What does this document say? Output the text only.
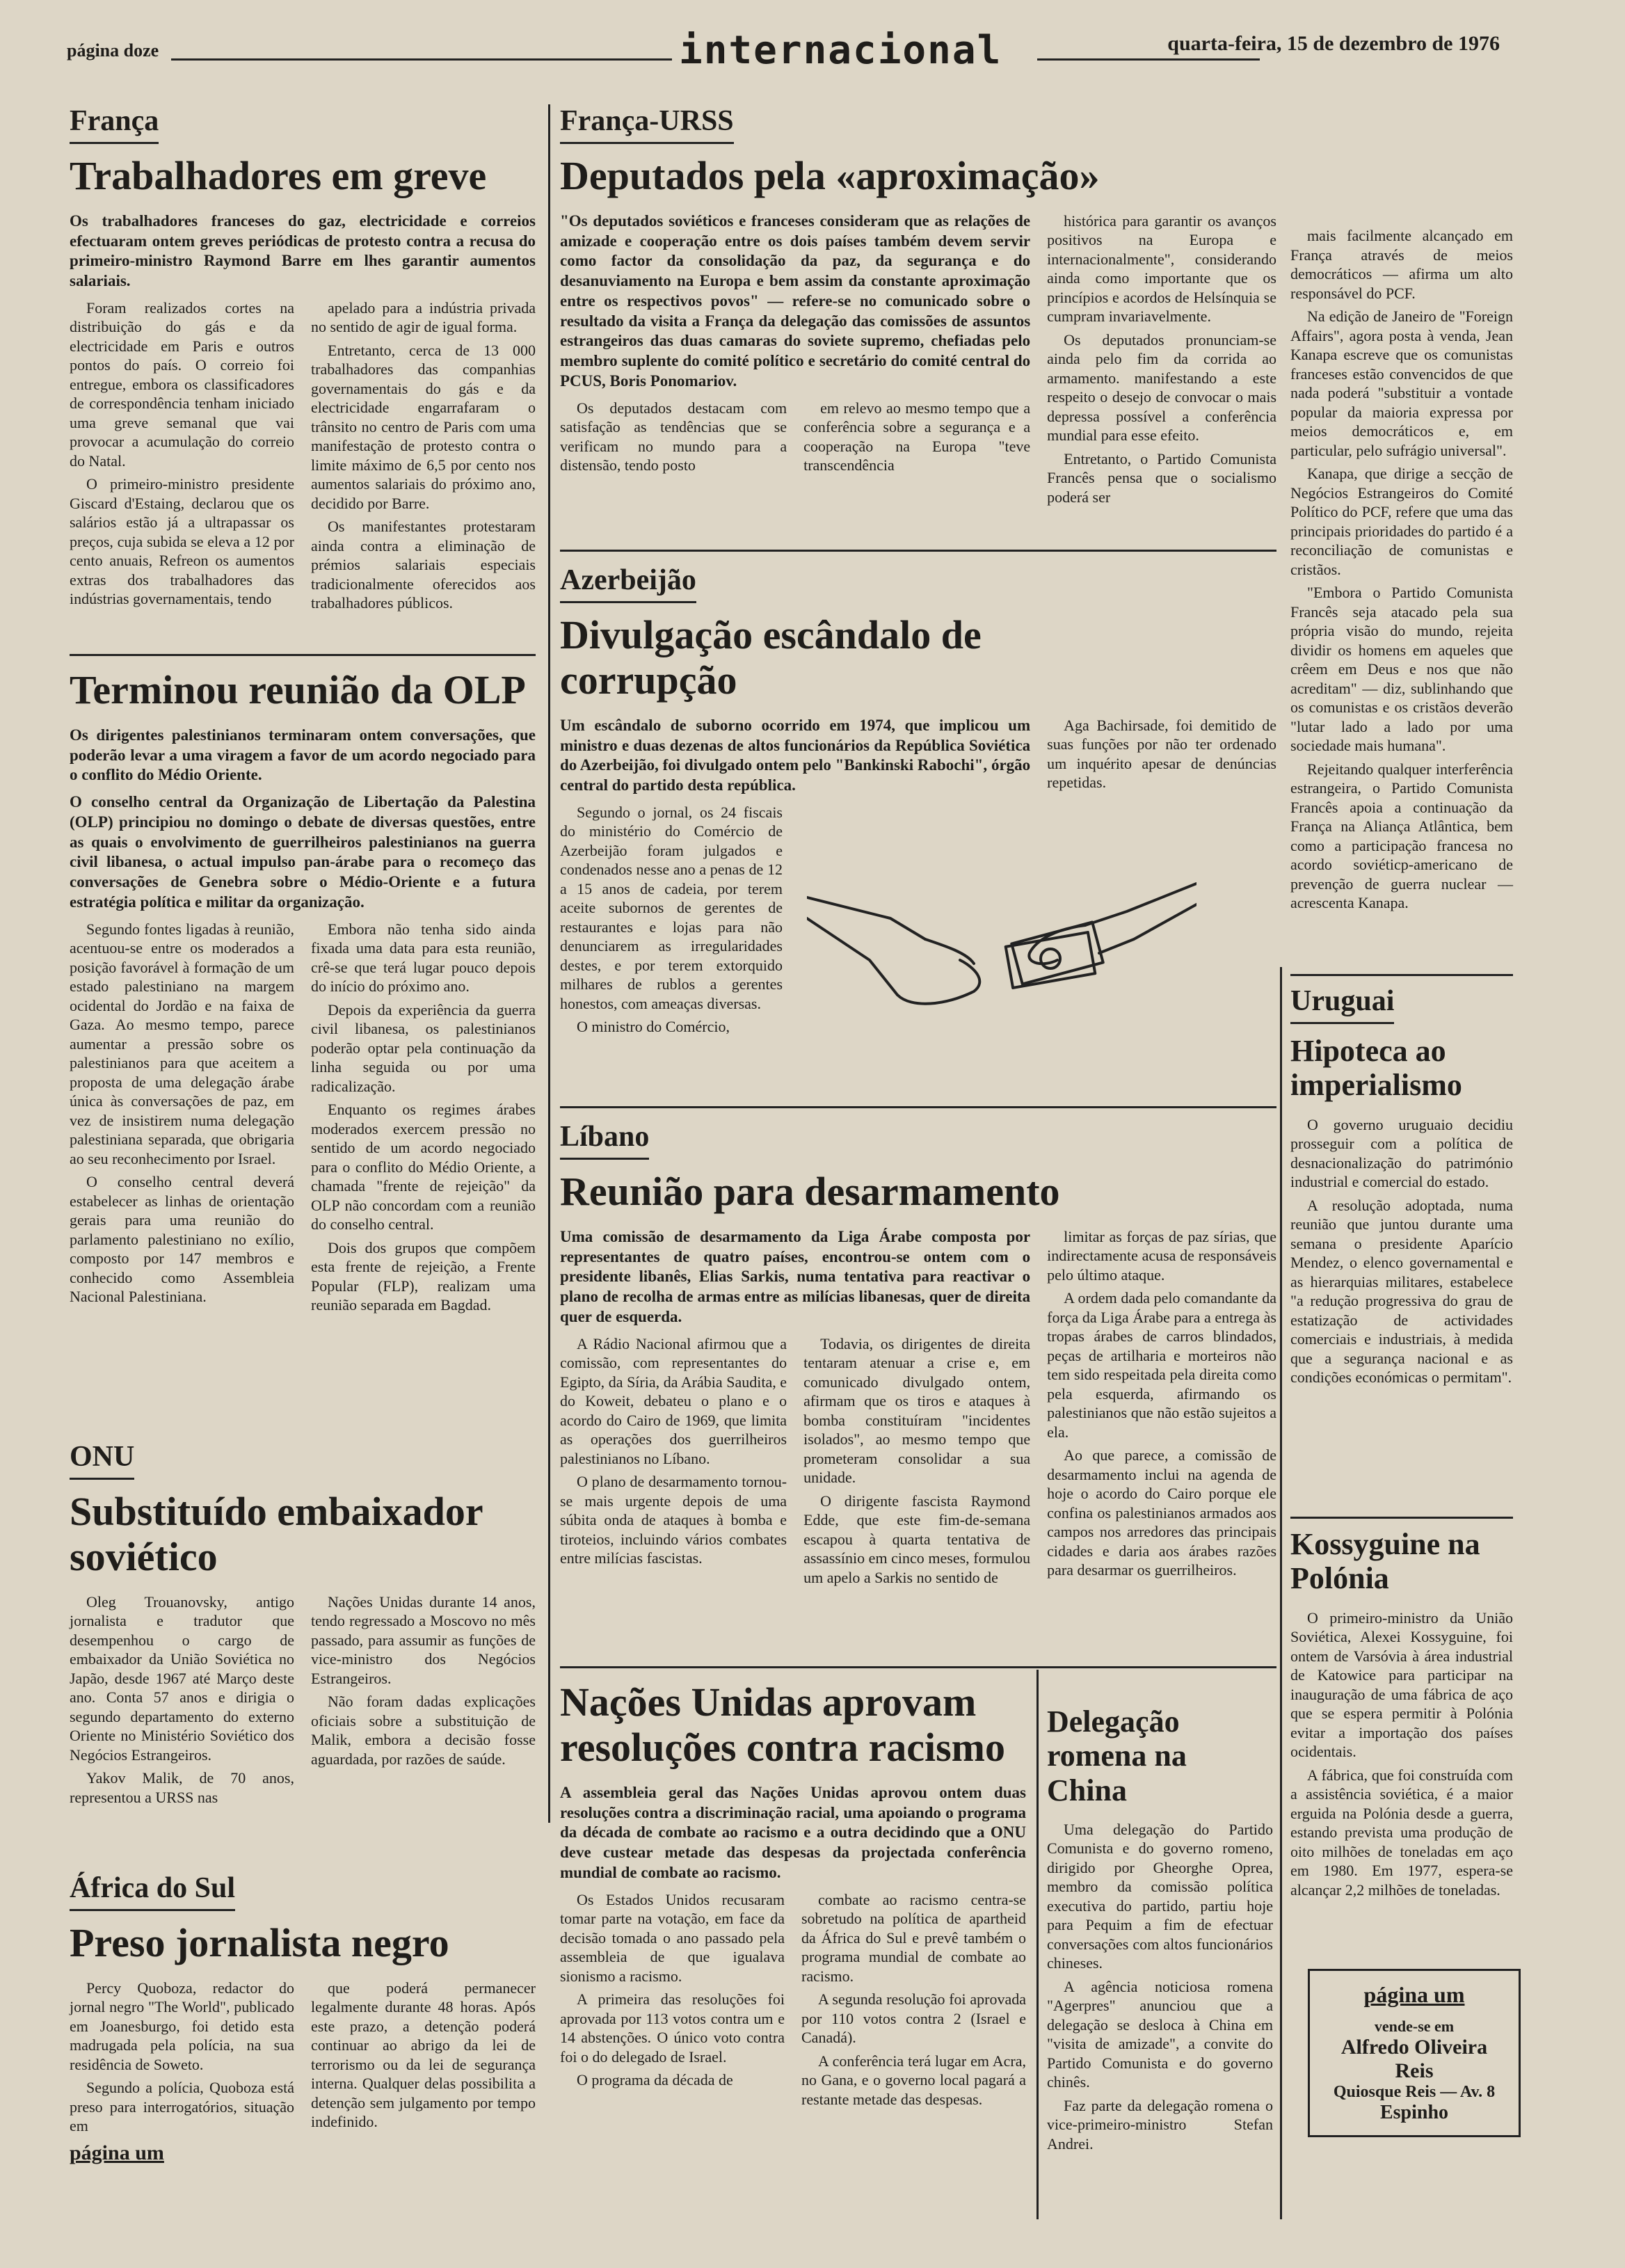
página doze	internacional	quarta-feira, 15 de dezembro de 1976
França
Trabalhadores em greve
Os trabalhadores franceses do gaz, electricidade e correios efectuaram ontem greves periódicas de protesto contra a recusa do primeiro-ministro Raymond Barre em lhes garantir aumentos salariais.

Foram realizados cortes na distribuição do gás e da electricidade em Paris e outros pontos do país. O correio foi entregue, embora os classificadores de correspondência tenham iniciado uma greve semanal que vai provocar a acumulação do correio do Natal.

O primeiro-ministro presidente Giscard d'Estaing, declarou que os salários estão já a ultrapassar os preços, cuja subida se eleva a 12 por cento anuais, Refreon os aumentos extras dos trabalhadores das indústrias governamentais, tendo

apelado para a indústria privada no sentido de agir de igual forma.

Entretanto, cerca de 13 000 trabalhadores das companhias governamentais do gás e da electricidade engarrafaram o trânsito no centro de Paris com uma manifestação de protesto contra o limite máximo de 6,5 por cento nos aumentos salariais do próximo ano, decidido por Barre.

Os manifestantes protestaram ainda contra a eliminação de prémios salariais especiais tradicionalmente oferecidos aos trabalhadores públicos.

Terminou reunião da OLP
Os dirigentes palestinianos terminaram ontem conversações, que poderão levar a uma viragem a favor de um acordo negociado para o conflito do Médio Oriente.
O conselho central da Organização de Libertação da Palestina (OLP) principiou no domingo o debate de diversas questões, entre as quais o envolvimento de guerrilheiros palestinianos na guerra civil libanesa, o actual impulso pan-árabe para o recomeço das conversações de Genebra sobre o Médio-Oriente e a futura estratégia política e militar da organização.

Segundo fontes ligadas à reunião, acentuou-se entre os moderados a posição favorável à formação de um estado palestiniano na margem ocidental do Jordão e na faixa de Gaza. Ao mesmo tempo, parece aumentar a pressão sobre os palestinianos para que aceitem a proposta de uma delegação árabe única às conversações de paz, em vez de insistirem numa delegação palestiniana separada, que obrigaria ao seu reconhecimento por Israel.

O conselho central deverá estabelecer as linhas de orientação gerais para uma reunião do parlamento palestiniano no exílio, composto por 147 membros e conhecido como Assembleia Nacional Palestiniana.

Embora não tenha sido ainda fixada uma data para esta reunião, crê-se que terá lugar pouco depois do início do próximo ano.

Depois da experiência da guerra civil libanesa, os palestinianos poderão optar pela continuação da linha seguida ou por uma radicalização.

Enquanto os regimes árabes moderados exercem pressão no sentido de um acordo negociado para o conflito do Médio Oriente, a chamada "frente de rejeição" da OLP não concordam com a reunião do conselho central.

Dois dos grupos que compõem esta frente de rejeição, a Frente Popular (FLP), realizam uma reunião separada em Bagdad.

ONU
Substituído embaixador soviético

Oleg Trouanovsky, antigo jornalista e tradutor que desempenhou o cargo de embaixador da União Soviética no Japão, desde 1967 até Março deste ano. Conta 57 anos e dirigia o segundo departamento do externo Oriente no Ministério Soviético dos Negócios Estrangeiros.

Yakov Malik, de 70 anos, representou a URSS nas

Nações Unidas durante 14 anos, tendo regressado a Moscovo no mês passado, para assumir as funções de vice-ministro dos Negócios Estrangeiros.

Não foram dadas explicações oficiais sobre a substituição de Malik, embora a decisão fosse aguardada, por razões de saúde.

África do Sul
Preso jornalista negro

Percy Quoboza, redactor do jornal negro "The World", publicado em Joanesburgo, foi detido esta madrugada pela polícia, na sua residência de Soweto.

Segundo a polícia, Quoboza está preso para interrogatórios, situação em

página um

que poderá permanecer legalmente durante 48 horas. Após este prazo, a detenção poderá continuar ao abrigo da lei de terrorismo ou da lei de segurança interna. Qualquer delas possibilita a detenção sem julgamento por tempo indefinido.

França-URSS
Deputados pela «aproximação»
"Os deputados soviéticos e franceses consideram que as relações de amizade e cooperação entre os dois países também devem servir como factor da consolidação da paz, da segurança e do desanuviamento na Europa e bem assim da constante aproximação entre os respectivos povos" — refere-se no comunicado sobre o resultado da visita a França da delegação das comissões de assuntos estrangeiros das duas camaras do soviete supremo, chefiadas pelo membro suplente do comité político e secretário do comité central do PCUS, Boris Ponomariov.

Os deputados destacam com satisfação as tendências que se verificam no mundo para a distensão, tendo posto

em relevo ao mesmo tempo que a conferência sobre a segurança e a cooperação na Europa "teve transcendência

histórica para garantir os avanços positivos na Europa e internacionalmente", considerando ainda como importante que os princípios e acordos de Helsínquia se cumpram invariavelmente.

Os deputados pronunciam-se ainda pelo fim da corrida ao armamento. manifestando a este respeito o desejo de convocar o mais depressa possível a conferência mundial para esse efeito.

Entretanto, o Partido Comunista Francês pensa que o socialismo poderá ser

mais facilmente alcançado em França através de meios democráticos — afirma um alto responsável do PCF.

Na edição de Janeiro de "Foreign Affairs", agora posta à venda, Jean Kanapa escreve que os comunistas franceses estão convencidos de que nada poderá "substituir a vontade popular da maioria expressa por meios democráticos e, em particular, pelo sufrágio universal".

Kanapa, que dirige a secção de Negócios Estrangeiros do Comité Político do PCF, refere que uma das principais prioridades do partido é a reconciliação de comunistas e cristãos.

"Embora o Partido Comunista Francês seja atacado pela sua própria visão do mundo, rejeita dividir os homens em aqueles que crêem em Deus e nos que não acreditam" — diz, sublinhando que os comunistas e os cristãos deverão "lutar lado a lado por uma sociedade mais humana".

Rejeitando qualquer interferência estrangeira, o Partido Comunista Francês apoia a continuação da França na Aliança Atlântica, bem como a participação francesa no acordo soviéticp-americano de prevenção de guerra nuclear — acrescenta Kanapa.

Azerbeijão
Divulgação escândalo de corrupção
Um escândalo de suborno ocorrido em 1974, que implicou um ministro e duas dezenas de altos funcionários da República Soviética do Azerbeijão, foi divulgado ontem pelo "Bankinski Rabochi", órgão central do partido desta república.

Segundo o jornal, os 24 fiscais do ministério do Comércio de Azerbeijão foram julgados e condenados nesse ano a penas de 12 a 15 anos de cadeia, por terem aceite subornos de gerentes de restaurantes e lojas para não denunciarem as irregularidades destes, e por terem extorquido milhares de rublos a gerentes honestos, com ameaças diversas.

O ministro do Comércio,

Aga Bachirsade, foi demitido de suas funções por não ter ordenado um inquérito apesar de denúncias repetidas.

Líbano
Reunião para desarmamento
Uma comissão de desarmamento da Liga Árabe composta por representantes de quatro países, encontrou-se ontem com o presidente libanês, Elias Sarkis, numa tentativa para reactivar o plano de recolha de armas entre as milícias libanesas, quer de direita quer de esquerda.

A Rádio Nacional afirmou que a comissão, com representantes do Egipto, da Síria, da Arábia Saudita, e do Koweit, debateu o plano e o acordo do Cairo de 1969, que limita as operações dos guerrilheiros palestinianos no Líbano.

O plano de desarmamento tornou-se mais urgente depois de uma súbita onda de ataques à bomba e tiroteios, incluindo vários combates entre milícias fascistas.

Todavia, os dirigentes de direita tentaram atenuar a crise e, em comunicado divulgado ontem, afirmam que os tiros e ataques à bomba constituíram "incidentes isolados", ao mesmo tempo que prometeram consolidar a sua unidade.

O dirigente fascista Raymond Edde, que este fim-de-semana escapou à quarta tentativa de assassínio em cinco meses, formulou um apelo a Sarkis no sentido de

limitar as forças de paz sírias, que indirectamente acusa de responsáveis pelo último ataque.

A ordem dada pelo comandante da força da Liga Árabe para a entrega às tropas árabes de carros blindados, peças de artilharia e morteiros não tem sido respeitada pela direita como pela esquerda, afirmando os palestinianos que não estão sujeitos a ela.

Ao que parece, a comissão de desarmamento inclui na agenda de hoje o acordo do Cairo porque ele confina os palestinianos armados aos campos nos arredores das principais cidades e daria aos árabes razões para desarmar os guerrilheiros.

Nações Unidas aprovam resoluções contra racismo
A assembleia geral das Nações Unidas aprovou ontem duas resoluções contra a discriminação racial, uma apoiando o programa da década de combate ao racismo e a outra decidindo que a ONU deve custear metade das despesas da projectada conferência mundial de combate ao racismo.

Os Estados Unidos recusaram tomar parte na votação, em face da decisão tomada o ano passado pela assembleia de que igualava sionismo a racismo.

A primeira das resoluções foi aprovada por 113 votos contra um e 14 abstenções. O único voto contra foi o do delegado de Israel.

O programa da década de

combate ao racismo centra-se sobretudo na política de apartheid da África do Sul e prevê também o programa mundial de combate ao racismo.

A segunda resolução foi aprovada por 110 votos contra 2 (Israel e Canadá).

A conferência terá lugar em Acra, no Gana, e o governo local pagará a restante metade das despesas.

Delegação romena na China

Uma delegação do Partido Comunista e do governo romeno, dirigido por Gheorghe Oprea, membro da comissão política executiva do partido, partiu hoje para Pequim a fim de efectuar conversações com altos funcionários chineses.

A agência noticiosa romena "Agerpres" anunciou que a delegação se desloca à China em "visita de amizade", a convite do Partido Comunista e do governo chinês.

Faz parte da delegação romena o vice-primeiro-ministro Stefan Andrei.

Uruguai
Hipoteca ao imperialismo

O governo uruguaio decidiu prosseguir com a política de desnacionalização do património industrial e comercial do estado.

A resolução adoptada, numa reunião que juntou durante uma semana o presidente Aparício Mendez, o elenco governamental e as hierarquias militares, estabelece "a redução progressiva do grau de estatização de actividades comerciais e industriais, à medida que a segurança nacional e as condições económicas o permitam".

Kossyguine na Polónia

O primeiro-ministro da União Soviética, Alexei Kossyguine, foi ontem de Varsóvia à área industrial de Katowice para participar na inauguração de uma fábrica de aço que se espera permitir à Polónia evitar a importação dos países ocidentais.

A fábrica, que foi construída com a assistência soviética, é a maior erguida na Polónia desde a guerra, estando prevista uma produção de oito milhões de toneladas em aço em 1980. Em 1977, espera-se alcançar 2,2 milhões de toneladas.

página um
vende-se em
Alfredo Oliveira
Reis
Quiosque Reis — Av. 8
Espinho
